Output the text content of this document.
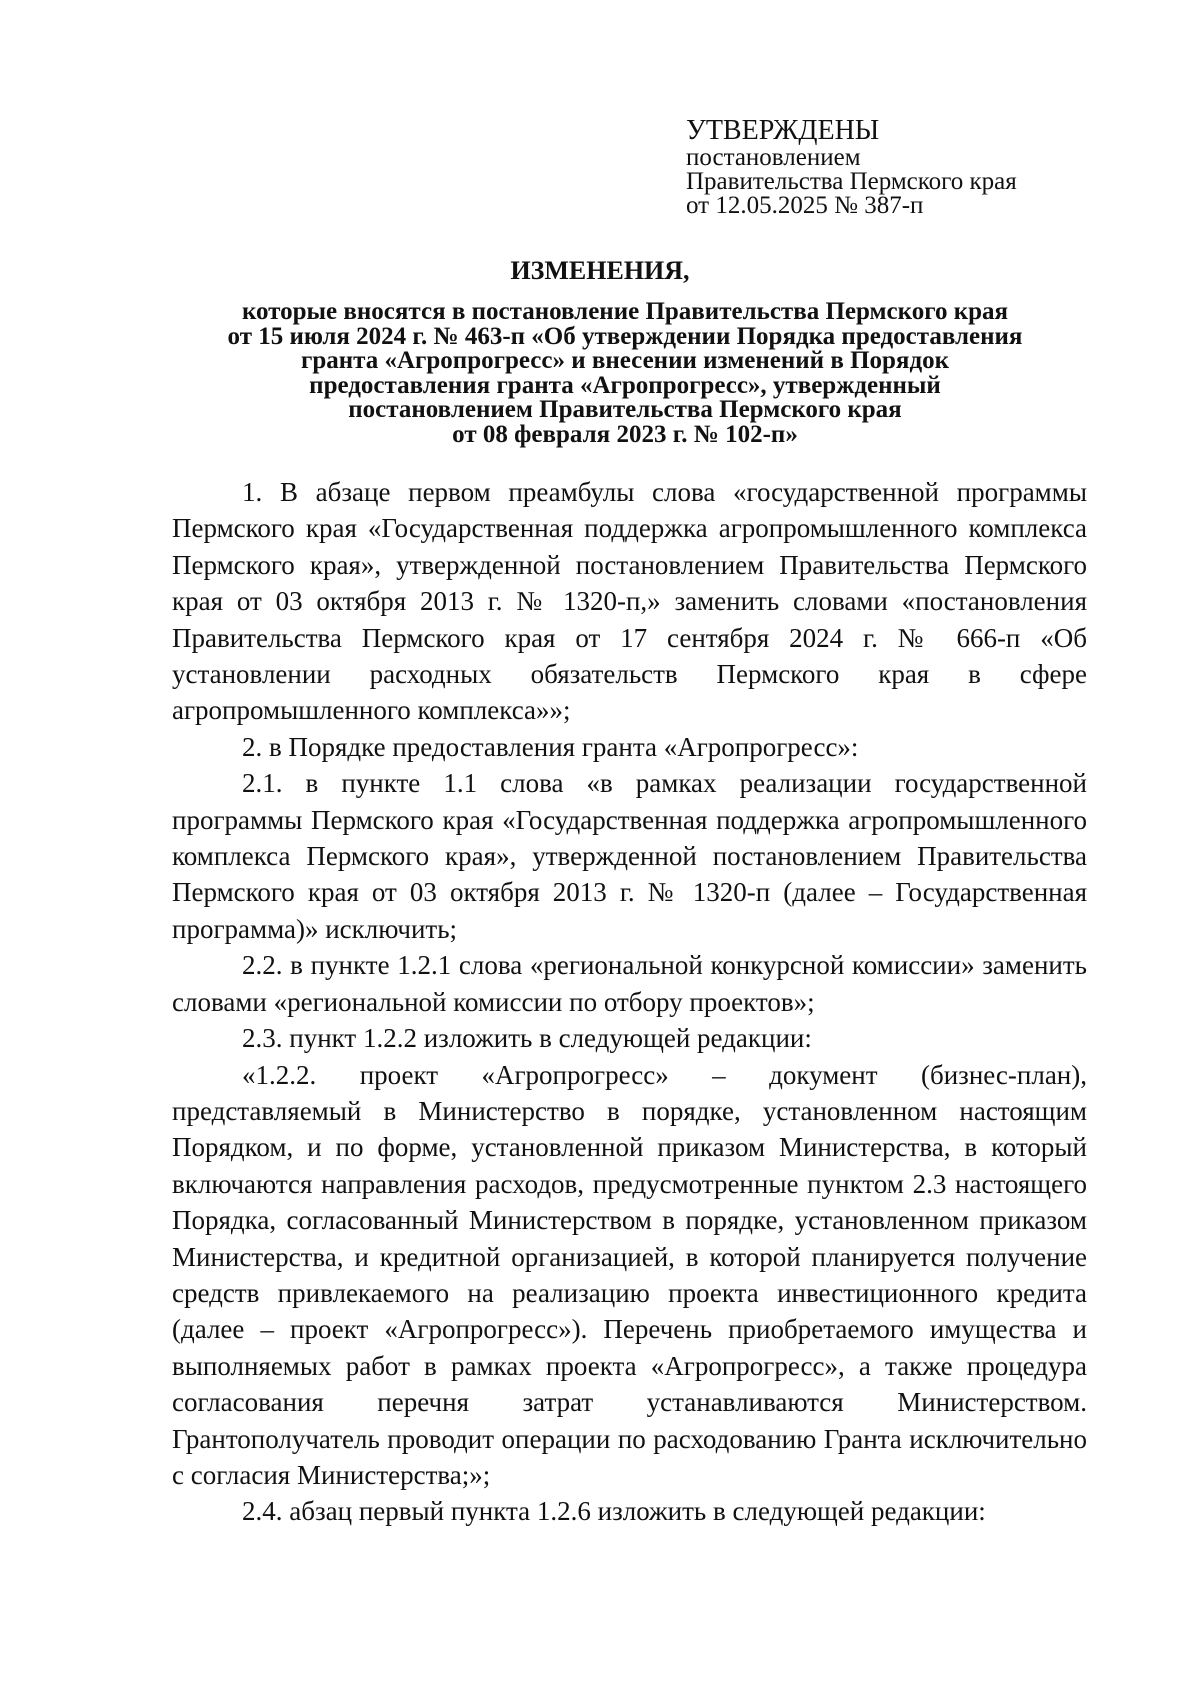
УТВЕРЖДЕНЫ
постановлением
Правительства Пермского края
от 12.05.2025 № 387-п
ИЗМЕНЕНИЯ,
которые вносятся в постановление Правительства Пермского края
от 15 июля 2024 г. № 463-п «Об утверждении Порядка предоставления
гранта «Агропрогресс» и внесении изменений в Порядок
предоставления гранта «Агропрогресс», утвержденный
постановлением Правительства Пермского края
от 08 февраля 2023 г. № 102-п»

1. В абзаце первом преамбулы слова «государственной программы Пермского края «Государственная поддержка агропромышленного комплекса Пермского края», утвержденной постановлением Правительства Пермского края от 03 октября 2013 г. № 1320-п,» заменить словами «постановления Правительства Пермского края от 17 сентября 2024 г. № 666-п «Об установлении расходных обязательств Пермского края в сфере агропромышленного комплекса»»;

2. в Порядке предоставления гранта «Агропрогресс»:

2.1. в пункте 1.1 слова «в рамках реализации государственной программы Пермского края «Государственная поддержка агропромышленного комплекса Пермского края», утвержденной постановлением Правительства Пермского края от 03 октября 2013 г. № 1320-п (далее – Государственная программа)» исключить;

2.2. в пункте 1.2.1 слова «региональной конкурсной комиссии» заменить словами «региональной комиссии по отбору проектов»;

2.3. пункт 1.2.2 изложить в следующей редакции:

«1.2.2. проект «Агропрогресс» – документ (бизнес-план), представляемый в Министерство в порядке, установленном настоящим Порядком, и по форме, установленной приказом Министерства, в который включаются направления расходов, предусмотренные пунктом 2.3 настоящего Порядка, согласованный Министерством в порядке, установленном приказом Министерства, и кредитной организацией, в которой планируется получение средств привлекаемого на реализацию проекта инвестиционного кредита (далее – проект «Агропрогресс»). Перечень приобретаемого имущества и выполняемых работ в рамках проекта «Агропрогресс», а также процедура согласования перечня затрат устанавливаются Министерством. Грантополучатель проводит операции по расходованию Гранта исключительно с согласия Министерства;»;

2.4. абзац первый пункта 1.2.6 изложить в следующей редакции:
